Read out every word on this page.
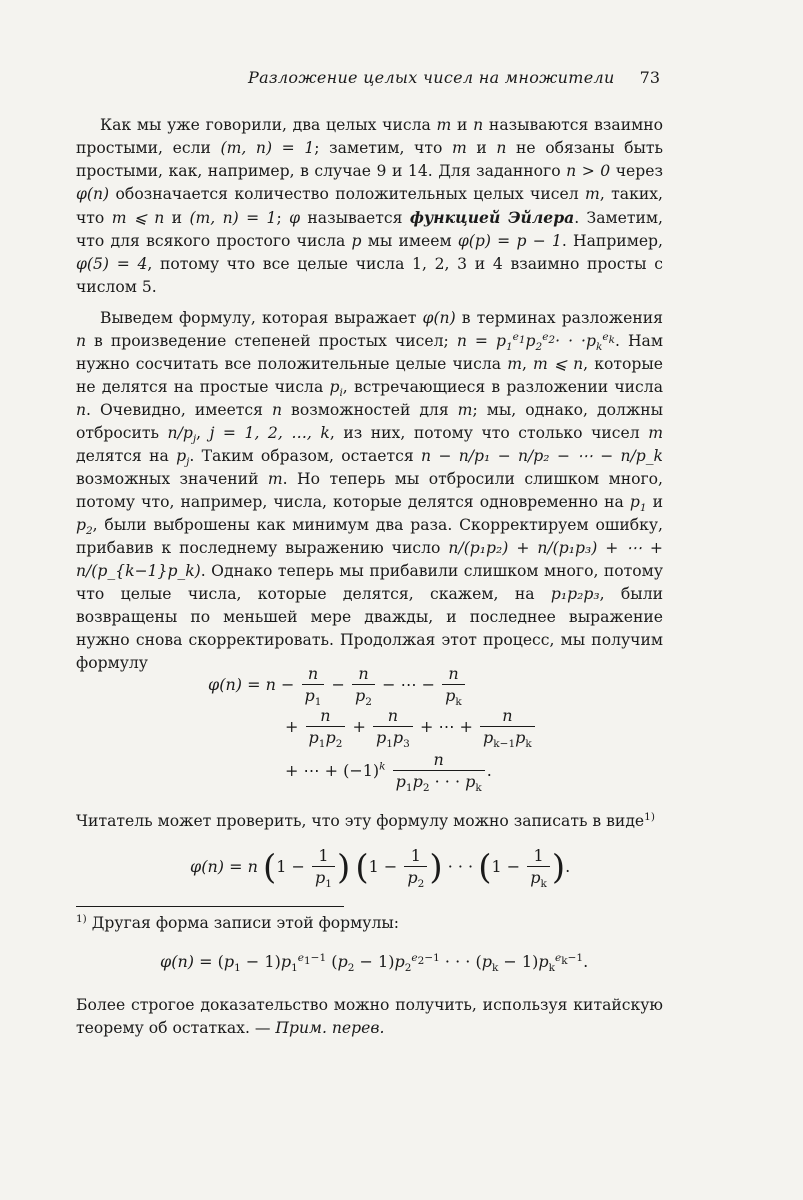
Разложение целых чисел на множители 73

Как мы уже говорили, два целых числа m и n называются взаимно простыми, если (m, n) = 1; заметим, что m и n не обязаны быть простыми, как, например, в случае 9 и 14. Для заданного n > 0 через φ(n) обозначается количество положительных целых чисел m, таких, что m ⩽ n и (m, n) = 1; φ называется функцией Эйлера. Заметим, что для всякого простого числа p мы имеем φ(p) = p − 1. Например, φ(5) = 4, потому что все целые числа 1, 2, 3 и 4 взаимно просты с числом 5.

Выведем формулу, которая выражает φ(n) в терминах разложения n в произведение степеней простых чисел; $n = p_1^{e_1}p_2^{e_2}\cdot \cdot \cdot p_k^{e_k}$. Нам нужно сосчитать все положительные целые числа m, m ⩽ n, которые не делятся на простые числа $p_i$, встречающиеся в разложении числа n. Очевидно, имеется n возможностей для m; мы, однако, должны отбросить $n/p_j$, j = 1, 2, …, k, из них, потому что столько чисел m делятся на $p_j$. Таким образом, остается n − n/p₁ − n/p₂ − ⋯ − n/p_k возможных значений m. Но теперь мы отбросили слишком много, потому что, например, числа, которые делятся одновременно на $p_1$ и $p_2$, были выброшены как минимум два раза. Скорректируем ошибку, прибавив к последнему выражению число n/(p₁p₂) + n/(p₁p₃) + ⋯ + n/(p_{k−1}p_k). Однако теперь мы прибавили слишком много, потому что целые числа, которые делятся, скажем, на p₁p₂p₃, были возвращены по меньшей мере дважды, и последнее выражение нужно снова скорректировать. Продолжая этот процесс, мы получим формулу

$\varphi(n) = n - \frac{n}{p_1} - \frac{n}{p_2}$ − ⋯ − $\frac{n}{p_k}$
+ $\frac{n}{p_1p_2} + \frac{n}{p_1p_3}$ + ⋯ + $\frac{n}{p_{k-1}p_k}$
+ ⋯ + $(-1)^k \frac{n}{p_1p_2 \cdot \cdot \cdot p_k}$ .

Читатель может проверить, что эту формулу можно записать в виде$^{1)}$

φ(n) = n ($1 - \frac{1}{p_1}$ ) ($1 - \frac{1}{p_2}$ ) · · · ($1 - \frac{1}{p_k}$ ).
$^{1)}$ Другая форма записи этой формулы:
$\varphi(n) = (p_1 - 1)p_1^{e_1-1}$ $(p_2 - 1)p_2^{e_2-1}$ · · · $(p_k - 1)p_k^{e_k-1}$.

Более строгое доказательство можно получить, используя китайскую теорему об остатках. — Прим. перев.
